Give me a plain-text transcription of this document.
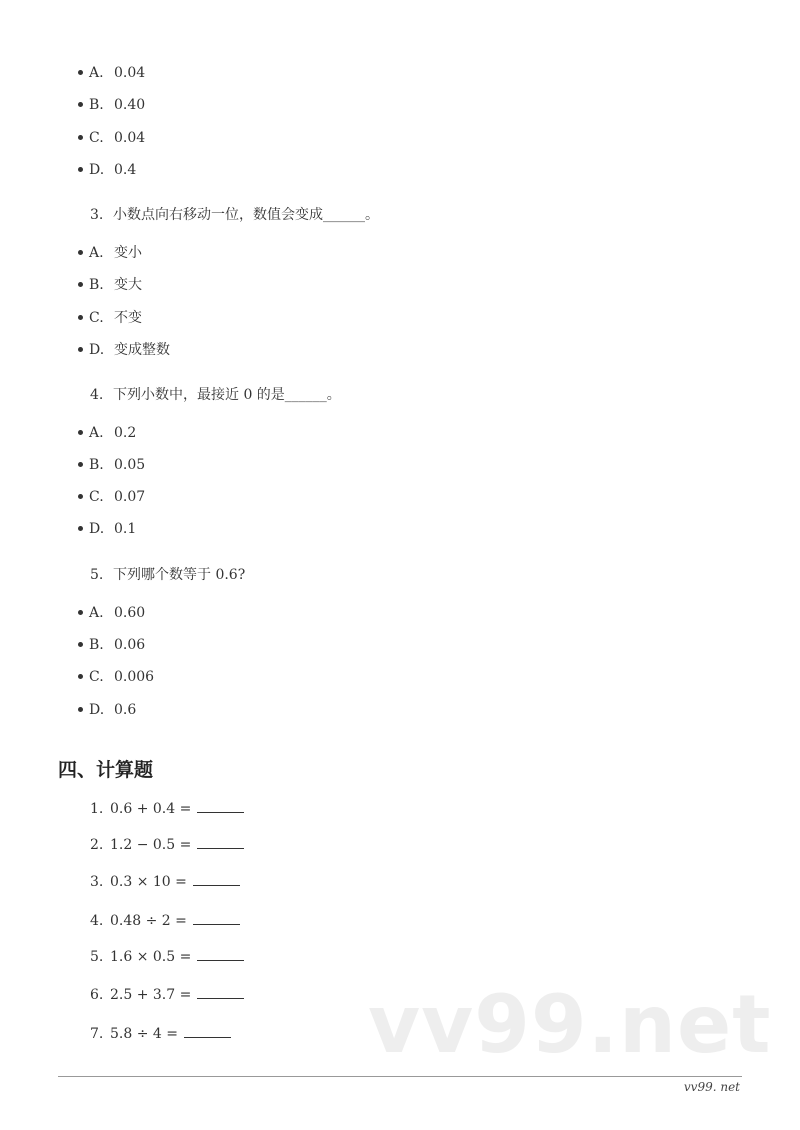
A. 0.04
B. 0.40
C. 0.04
D. 0.4
3. 小数点向右移动一位，数值会变成______。
A. 变小
B. 变大
C. 不变
D. 变成整数
4. 下列小数中，最接近 0 的是______。
A. 0.2
B. 0.05
C. 0.07
D. 0.1
5. 下列哪个数等于 0.6?
A. 0.60
B. 0.06
C. 0.006
D. 0.6
四、计算题
1. 0.6 + 0.4 =
2. 1.2 − 0.5 =
3. 0.3 × 10 =
4. 0.48 ÷ 2 =
5. 1.6 × 0.5 =
6. 2.5 + 3.7 =
7. 5.8 ÷ 4 =	vv99.net
vv99. net
